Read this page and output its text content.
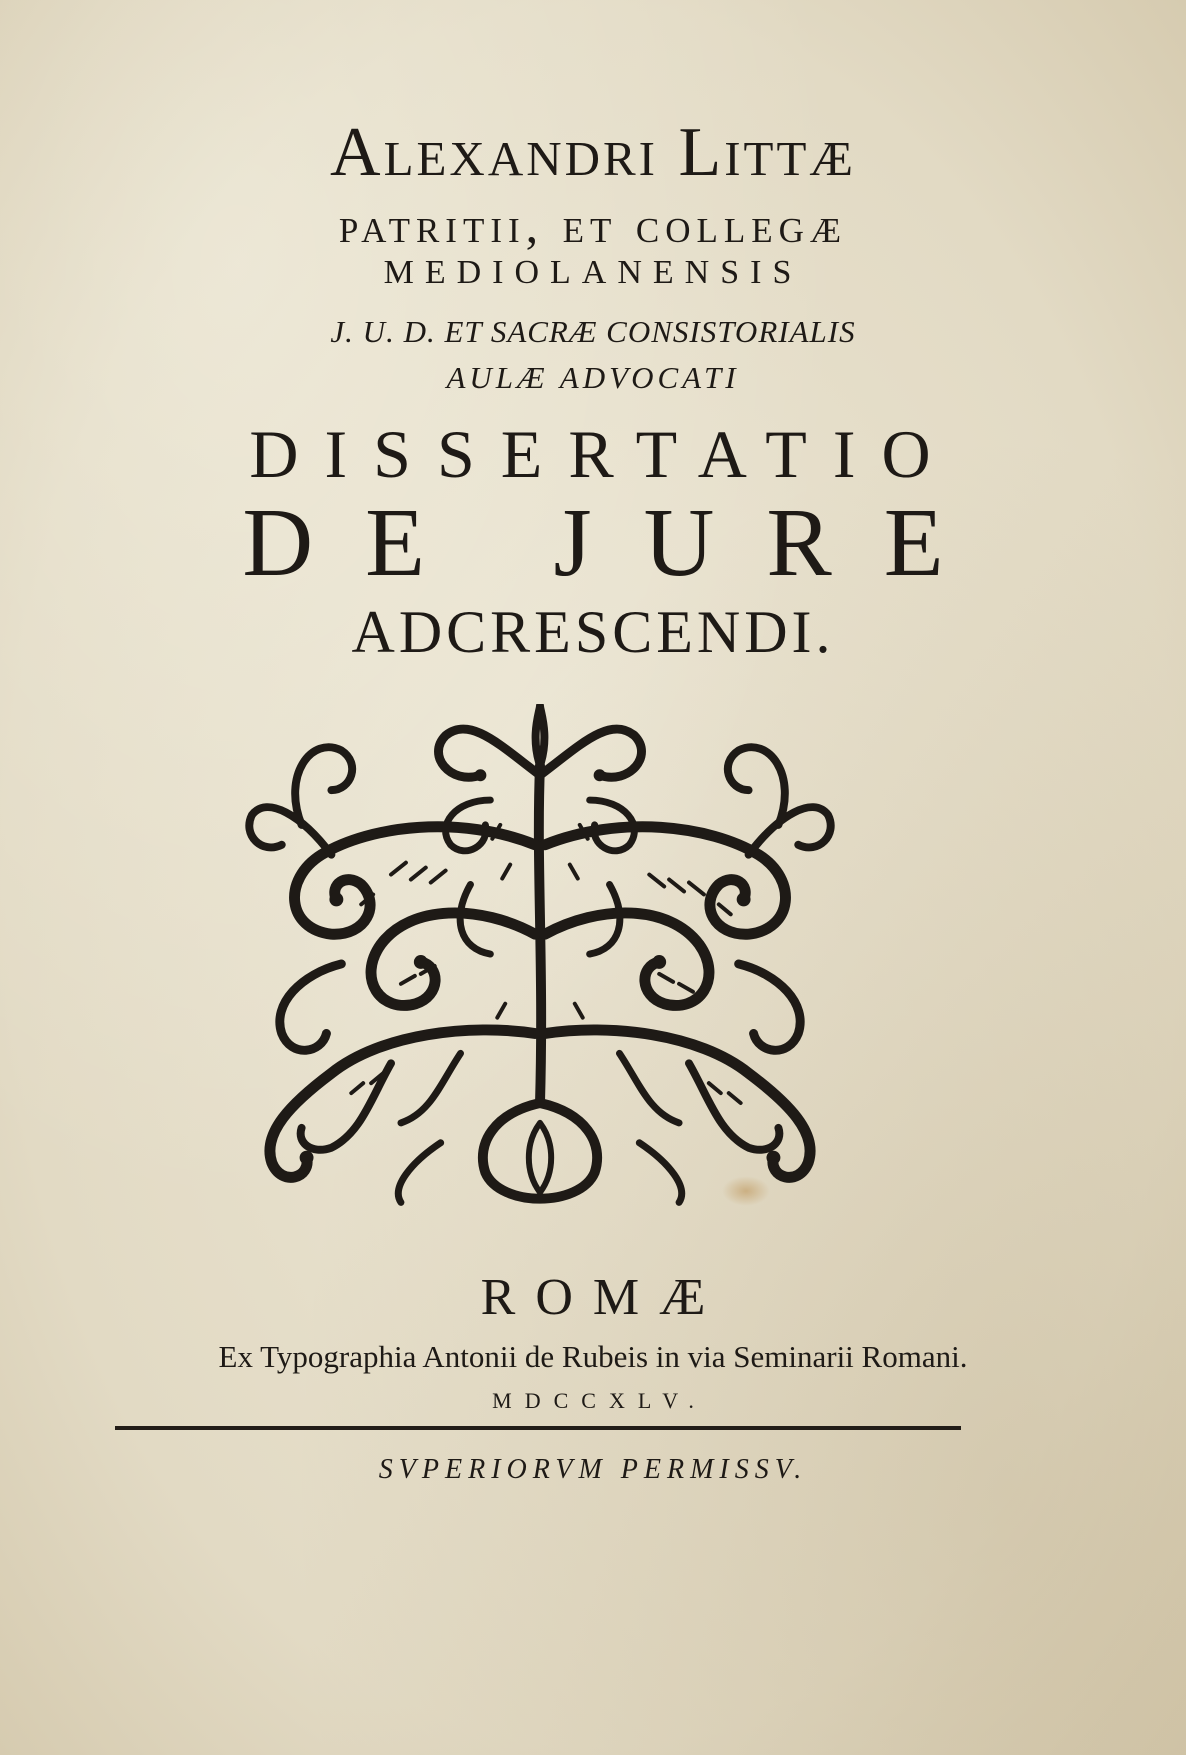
Alexandri Littæ
patritii, et collegæ
MEDIOLANENSIS
J. U. D. ET SACRÆ CONSISTORIALIS
AULÆ ADVOCATI
DISSERTATIO
DE JURE
ADCRESCENDI.
ROMÆ
Ex Typographia Antonii de Rubeis in via Seminarii Romani.
MDCCXLV.
SVPERIORVM PERMISSV.
